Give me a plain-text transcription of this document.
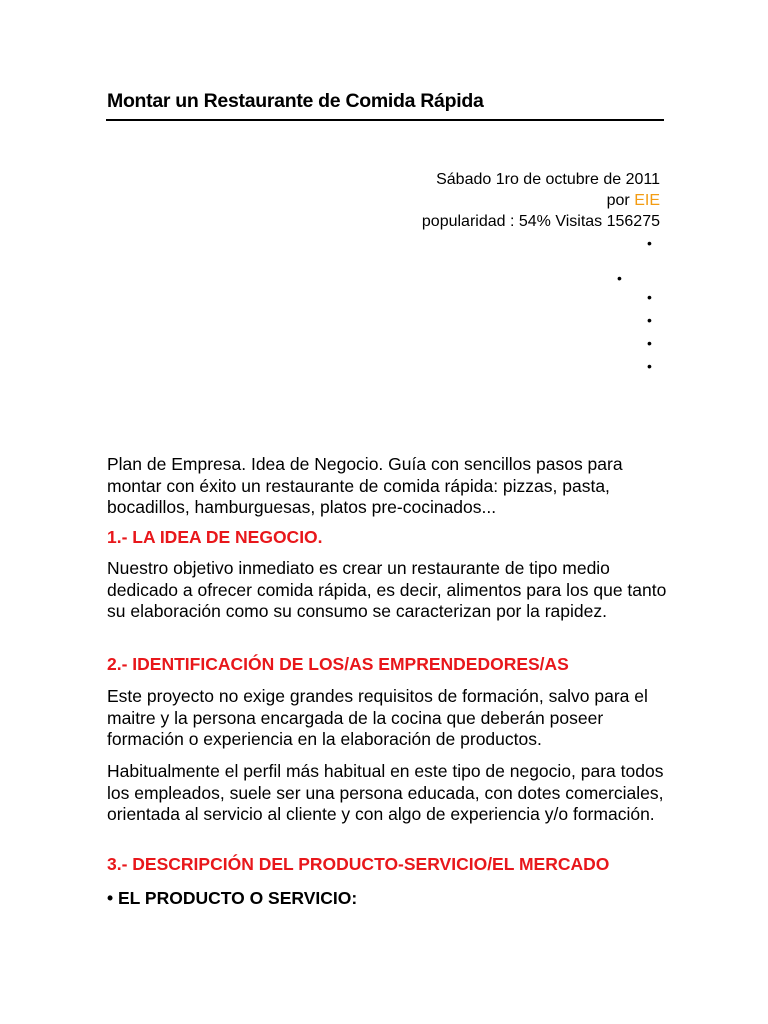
Montar un Restaurante de Comida Rápida
Sábado 1ro de octubre de 2011
por EIE
popularidad : 54% Visitas 156275
•
•
•
•
•
•

Plan de Empresa. Idea de Negocio. Guía con sencillos pasos para montar con éxito un restaurante de comida rápida: pizzas, pasta, bocadillos, hamburguesas, platos pre-cocinados...

1.- LA IDEA DE NEGOCIO.

Nuestro objetivo inmediato es crear un restaurante de tipo medio dedicado a ofrecer comida rápida, es decir, alimentos para los que tanto su elaboración como su consumo se caracterizan por la rapidez.

2.- IDENTIFICACIÓN DE LOS/AS EMPRENDEDORES/AS

Este proyecto no exige grandes requisitos de formación, salvo para el maitre y la persona encargada de la cocina que deberán poseer formación o experiencia en la elaboración de productos.

Habitualmente el perfil más habitual en este tipo de negocio, para todos los empleados, suele ser una persona educada, con dotes comerciales, orientada al servicio al cliente y con algo de experiencia y/o formación.

3.- DESCRIPCIÓN DEL PRODUCTO-SERVICIO/EL MERCADO
• EL PRODUCTO O SERVICIO:
